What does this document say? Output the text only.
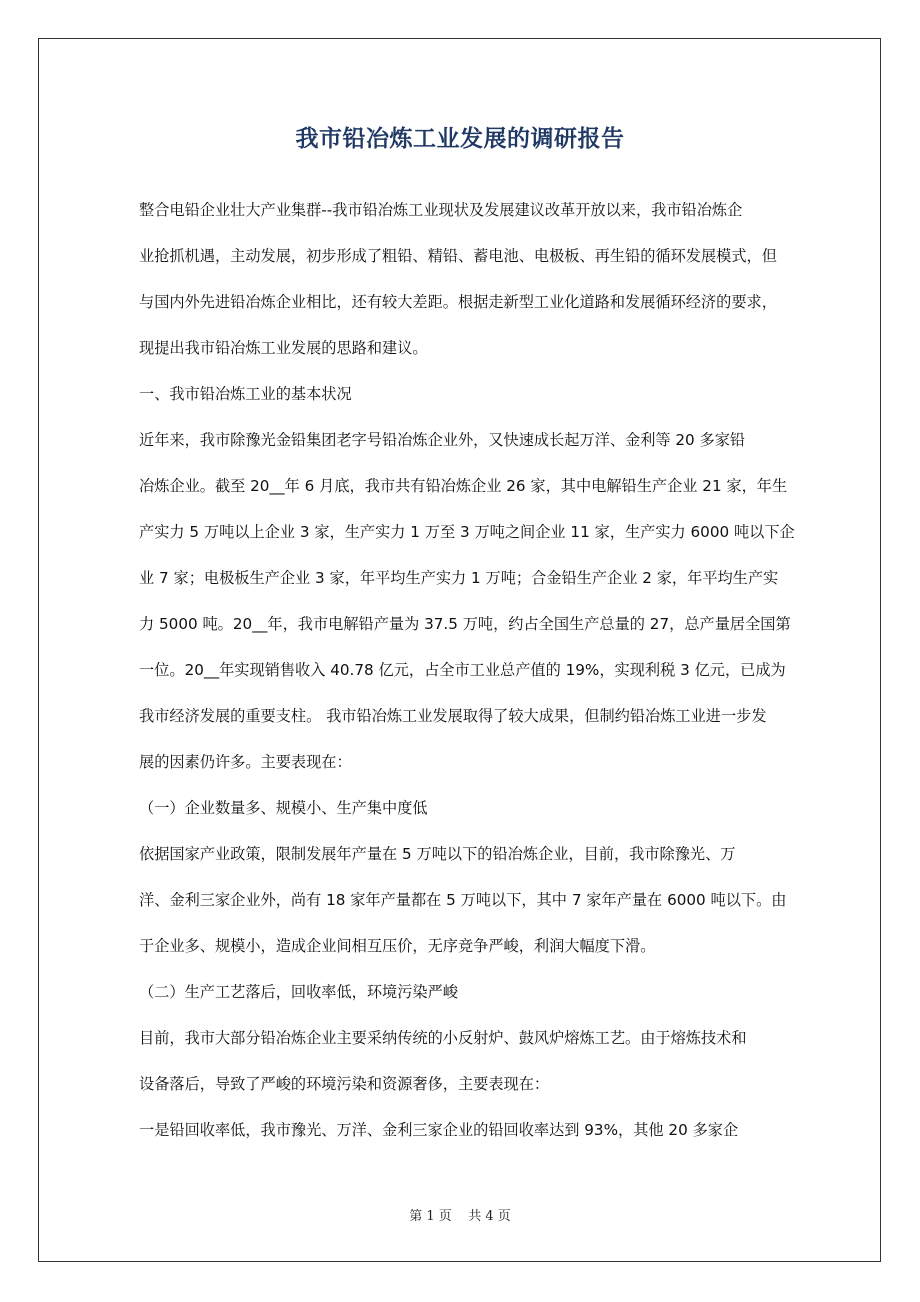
我市铅冶炼工业发展的调研报告
整合电铅企业壮大产业集群--我市铅冶炼工业现状及发展建议改革开放以来，我市铅冶炼企
业抢抓机遇，主动发展，初步形成了粗铅、精铅、蓄电池、电极板、再生铅的循环发展模式，但
与国内外先进铅冶炼企业相比，还有较大差距。根据走新型工业化道路和发展循环经济的要求，
现提出我市铅冶炼工业发展的思路和建议。
一、我市铅冶炼工业的基本状况
近年来，我市除豫光金铅集团老字号铅冶炼企业外，又快速成长起万洋、金利等 20 多家铅
冶炼企业。截至 20__年 6 月底，我市共有铅冶炼企业 26 家，其中电解铅生产企业 21 家，年生
产实力 5 万吨以上企业 3 家，生产实力 1 万至 3 万吨之间企业 11 家，生产实力 6000 吨以下企
业 7 家；电极板生产企业 3 家，年平均生产实力 1 万吨；合金铅生产企业 2 家，年平均生产实
力 5000 吨。20__年，我市电解铅产量为 37.5 万吨，约占全国生产总量的 27，总产量居全国第
一位。20__年实现销售收入 40.78 亿元，占全市工业总产值的 19%，实现利税 3 亿元，已成为
我市经济发展的重要支柱。 我市铅冶炼工业发展取得了较大成果，但制约铅冶炼工业进一步发
展的因素仍许多。主要表现在：
（一）企业数量多、规模小、生产集中度低
依据国家产业政策，限制发展年产量在 5 万吨以下的铅冶炼企业，目前，我市除豫光、万
洋、金利三家企业外，尚有 18 家年产量都在 5 万吨以下，其中 7 家年产量在 6000 吨以下。由
于企业多、规模小，造成企业间相互压价，无序竞争严峻，利润大幅度下滑。
（二）生产工艺落后，回收率低，环境污染严峻
目前，我市大部分铅冶炼企业主要采纳传统的小反射炉、鼓风炉熔炼工艺。由于熔炼技术和
设备落后，导致了严峻的环境污染和资源奢侈，主要表现在：
一是铅回收率低，我市豫光、万洋、金利三家企业的铅回收率达到 93%，其他 20 多家企
第 1 页    共 4 页
